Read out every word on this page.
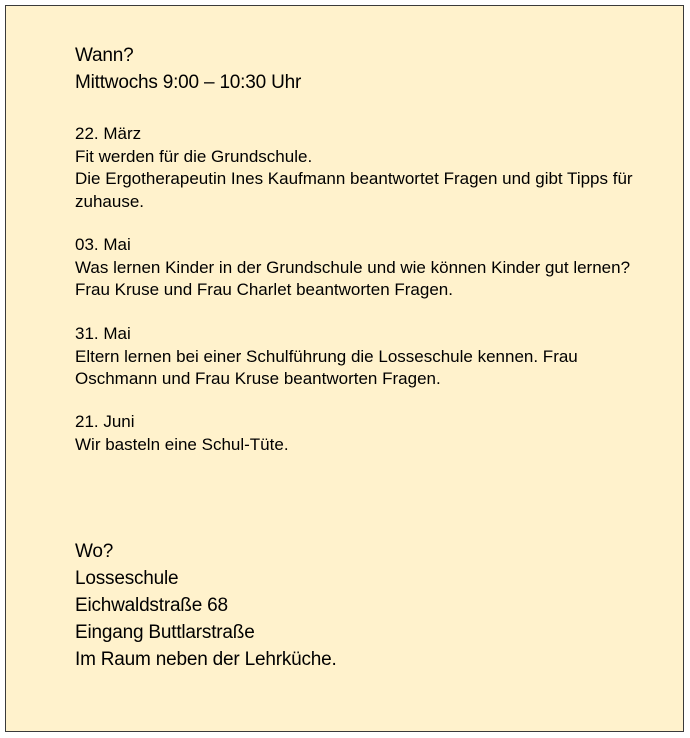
Wann?
Mittwochs 9:00 – 10:30 Uhr
22. März
Fit werden für die Grundschule.
Die Ergotherapeutin Ines Kaufmann beantwortet Fragen und gibt Tipps für zuhause.
03. Mai
Was lernen Kinder in der Grundschule und wie können Kinder gut lernen? Frau Kruse und Frau Charlet beantworten Fragen.
31. Mai
Eltern lernen bei einer Schulführung die Losseschule kennen. Frau Oschmann und Frau Kruse beantworten Fragen.
21. Juni
Wir basteln eine Schul-Tüte.
Wo?
Losseschule
Eichwaldstraße 68
Eingang Buttlarstraße
Im Raum neben der Lehrküche.
